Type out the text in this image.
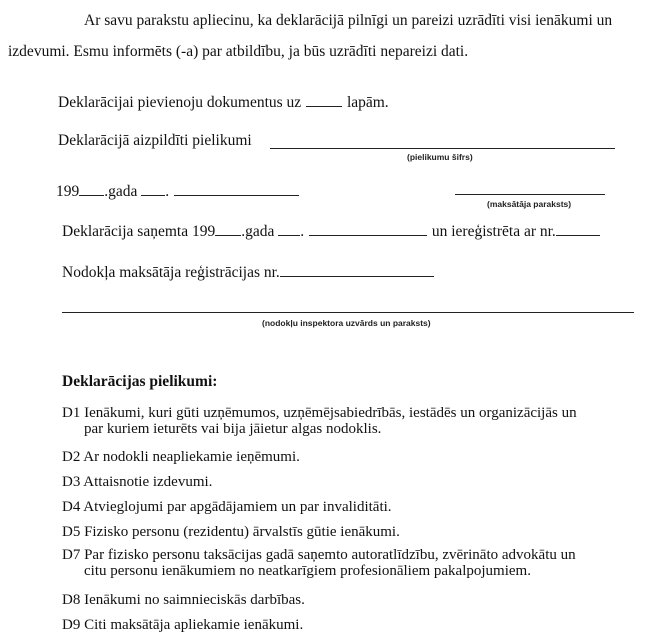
Ar savu parakstu apliecinu, ka deklarācijā pilnīgi un pareizi uzrādīti visi ienākumi un
izdevumi. Esmu informēts (-a) par atbildību, ja būs uzrādīti nepareizi dati.
Deklarācijai pievienoju dokumentus uz	lapām.
Deklarācijā aizpildīti pielikumi
(pielikumu šifrs)
199 .gada .
(maksātāja paraksts)
Deklarācija saņemta 199 .gada .	un iereģistrēta ar nr.
Nodokļa maksātāja reģistrācijas nr.
(nodokļu inspektora uzvārds un paraksts)
Deklarācijas pielikumi:
D1 Ienākumi, kuri gūti uzņēmumos, uzņēmējsabiedrībās, iestādēs un organizācijās un
par kuriem ieturēts vai bija jāietur algas nodoklis.
D2 Ar nodokli neapliekamie ieņēmumi.
D3 Attaisnotie izdevumi.
D4 Atvieglojumi par apgādājamiem un par invaliditāti.
D5 Fizisko personu (rezidentu) ārvalstīs gūtie ienākumi.
D7 Par fizisko personu taksācijas gadā saņemto autoratlīdzību, zvērināto advokātu un
citu personu ienākumiem no neatkarīgiem profesionāliem pakalpojumiem.
D8 Ienākumi no saimnieciskās darbības.
D9 Citi maksātāja apliekamie ienākumi.
